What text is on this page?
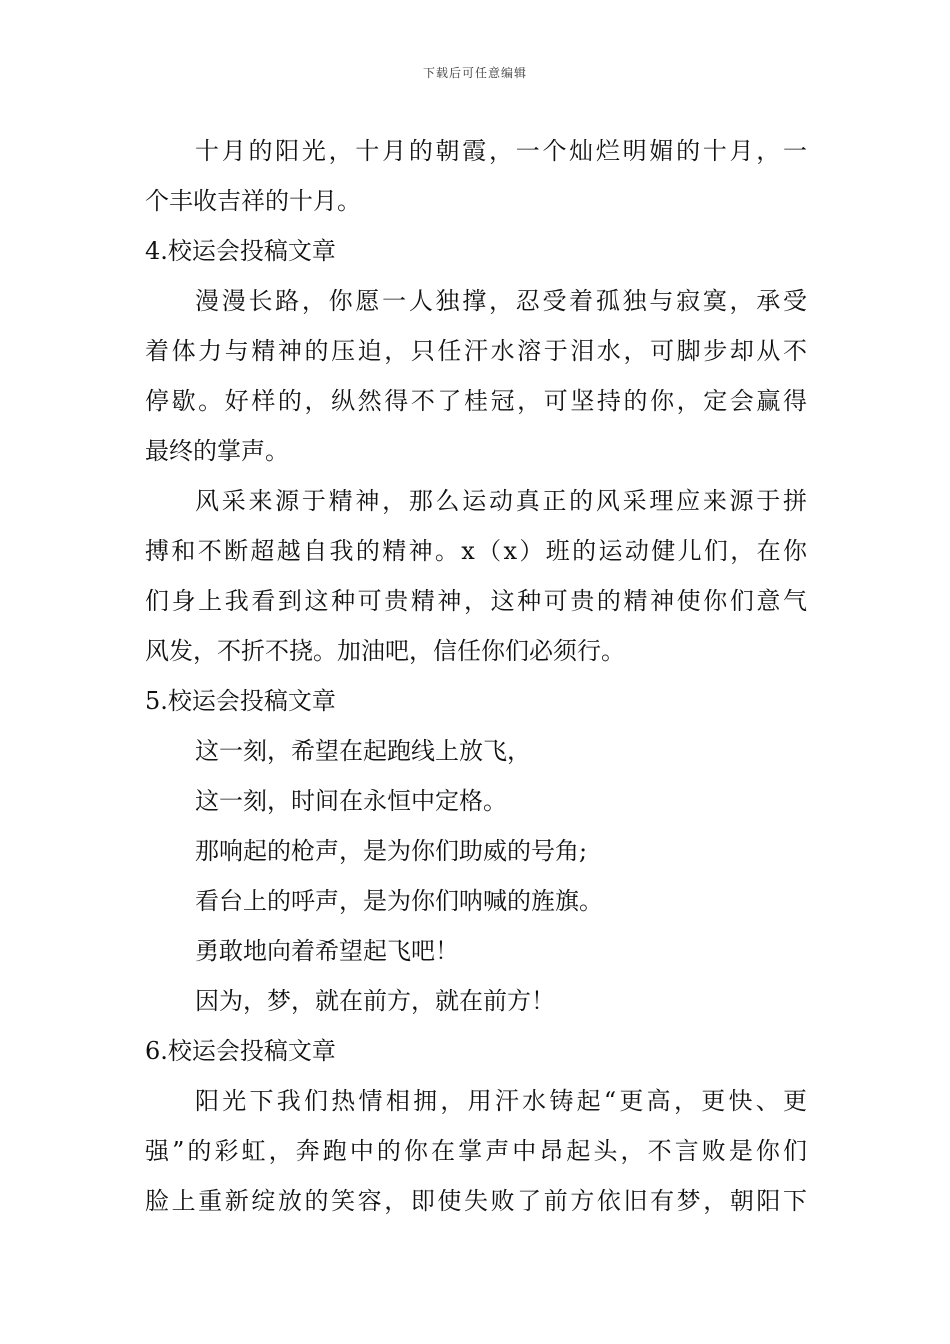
下载后可任意编辑
十月的阳光，十月的朝霞，一个灿烂明媚的十月，一
个丰收吉祥的十月。
4.校运会投稿文章
漫漫长路，你愿一人独撑，忍受着孤独与寂寞，承受
着体力与精神的压迫，只任汗水溶于泪水，可脚步却从不
停歇。好样的，纵然得不了桂冠，可坚持的你，定会赢得
最终的掌声。
风采来源于精神，那么运动真正的风采理应来源于拼
搏和不断超越自我的精神。x（x）班的运动健儿们，在你
们身上我看到这种可贵精神，这种可贵的精神使你们意气
风发，不折不挠。加油吧，信任你们必须行。
5.校运会投稿文章
这一刻，希望在起跑线上放飞，
这一刻，时间在永恒中定格。
那响起的枪声，是为你们助威的号角;
看台上的呼声，是为你们呐喊的旌旗。
勇敢地向着希望起飞吧！
因为，梦，就在前方，就在前方！
6.校运会投稿文章
阳光下我们热情相拥，用汗水铸起“更高，更快、更
强”的彩虹，奔跑中的你在掌声中昂起头，不言败是你们
脸上重新绽放的笑容，即使失败了前方依旧有梦，朝阳下
